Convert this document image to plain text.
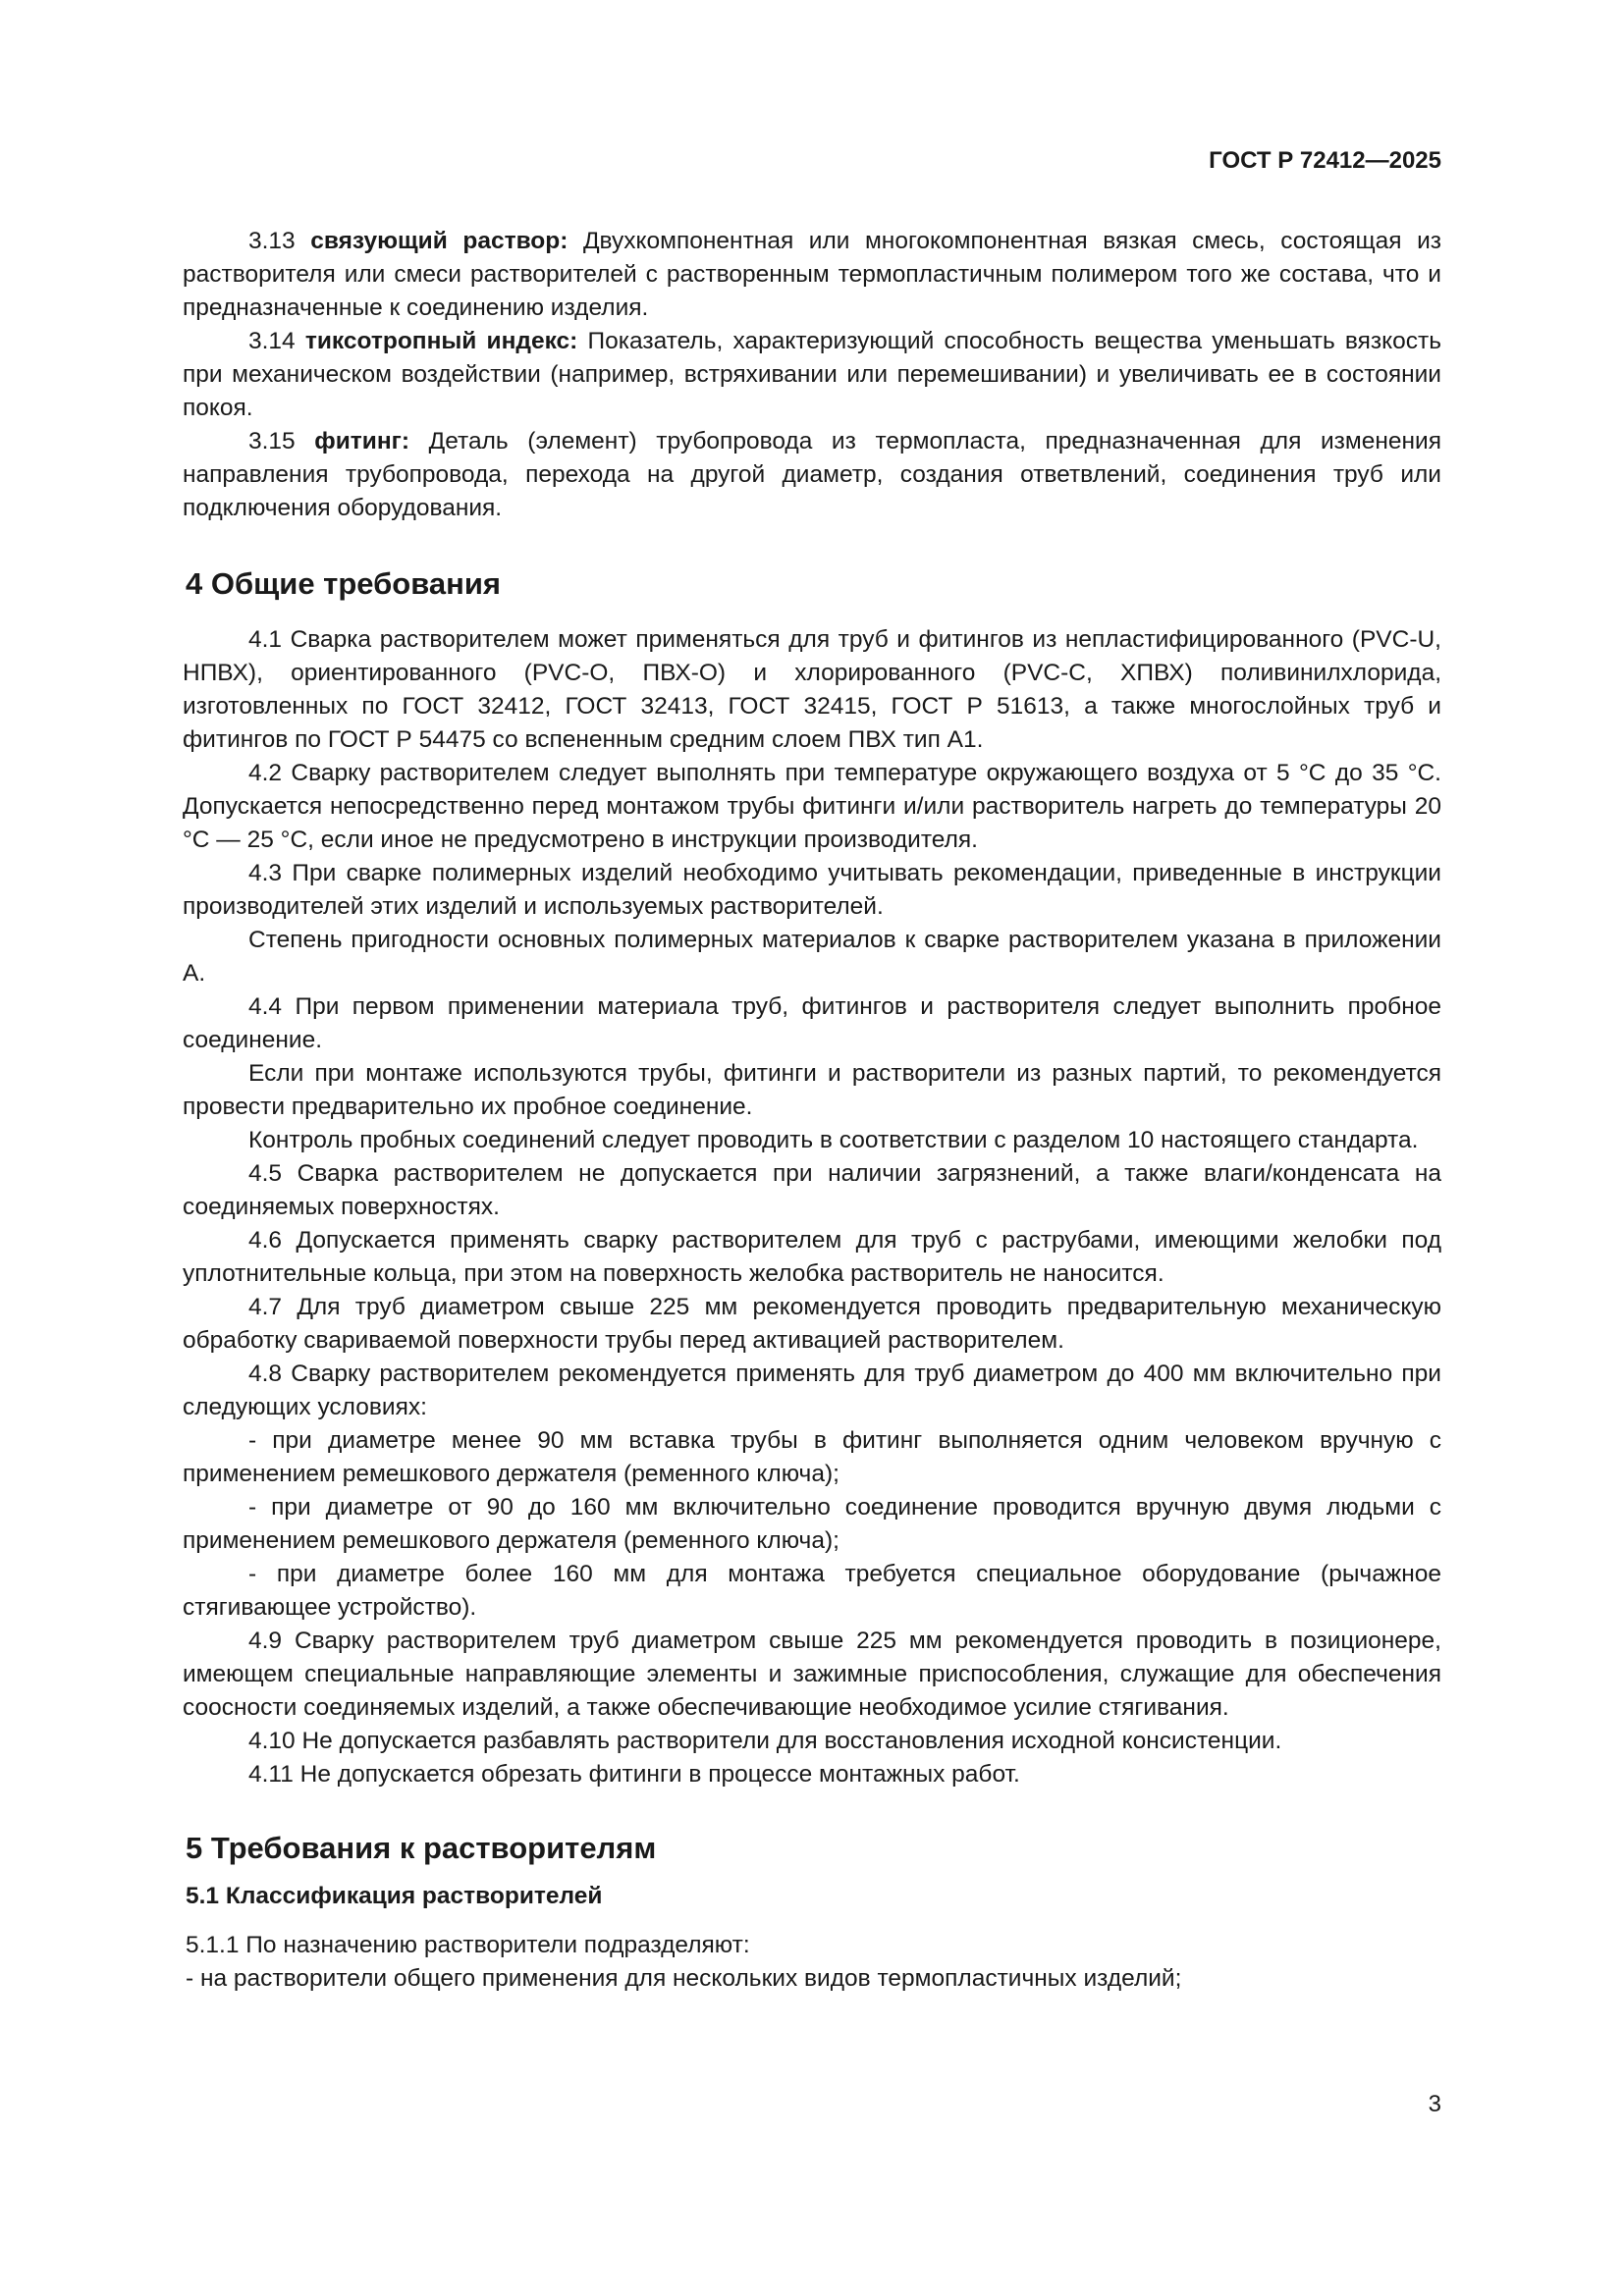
ГОСТ Р 72412—2025

3.13 связующий раствор: Двухкомпонентная или многокомпонентная вязкая смесь, состоящая из растворителя или смеси растворителей с растворенным термопластичным полимером того же состава, что и предназначенные к соединению изделия.

3.14 тиксотропный индекс: Показатель, характеризующий способность вещества уменьшать вязкость при механическом воздействии (например, встряхивании или перемешивании) и увеличивать ее в состоянии покоя.

3.15 фитинг: Деталь (элемент) трубопровода из термопласта, предназначенная для изменения направления трубопровода, перехода на другой диаметр, создания ответвлений, соединения труб или подключения оборудования.

4 Общие требования

4.1 Сварка растворителем может применяться для труб и фитингов из непластифицированного (PVC-U, НПВХ), ориентированного (PVC-O, ПВХ-О) и хлорированного (PVC-C, ХПВХ) поливинилхлорида, изготовленных по ГОСТ 32412, ГОСТ 32413, ГОСТ 32415, ГОСТ Р 51613, а также многослойных труб и фитингов по ГОСТ Р 54475 со вспененным средним слоем ПВХ тип А1.

4.2 Сварку растворителем следует выполнять при температуре окружающего воздуха от 5 °С до 35 °С. Допускается непосредственно перед монтажом трубы фитинги и/или растворитель нагреть до температуры 20 °С — 25 °С, если иное не предусмотрено в инструкции производителя.

4.3 При сварке полимерных изделий необходимо учитывать рекомендации, приведенные в инструкции производителей этих изделий и используемых растворителей.

Степень пригодности основных полимерных материалов к сварке растворителем указана в приложении А.

4.4 При первом применении материала труб, фитингов и растворителя следует выполнить пробное соединение.

Если при монтаже используются трубы, фитинги и растворители из разных партий, то рекомендуется провести предварительно их пробное соединение.

Контроль пробных соединений следует проводить в соответствии с разделом 10 настоящего стандарта.

4.5 Сварка растворителем не допускается при наличии загрязнений, а также влаги/конденсата на соединяемых поверхностях.

4.6 Допускается применять сварку растворителем для труб с раструбами, имеющими желобки под уплотнительные кольца, при этом на поверхность желобка растворитель не наносится.

4.7 Для труб диаметром свыше 225 мм рекомендуется проводить предварительную механическую обработку свариваемой поверхности трубы перед активацией растворителем.

4.8 Сварку растворителем рекомендуется применять для труб диаметром до 400 мм включительно при следующих условиях:

- при диаметре менее 90 мм вставка трубы в фитинг выполняется одним человеком вручную с применением ремешкового держателя (ременного ключа);

- при диаметре от 90 до 160 мм включительно соединение проводится вручную двумя людьми с применением ремешкового держателя (ременного ключа);

- при диаметре более 160 мм для монтажа требуется специальное оборудование (рычажное стягивающее устройство).

4.9 Сварку растворителем труб диаметром свыше 225 мм рекомендуется проводить в позиционере, имеющем специальные направляющие элементы и зажимные приспособления, служащие для обеспечения соосности соединяемых изделий, а также обеспечивающие необходимое усилие стягивания.

4.10 Не допускается разбавлять растворители для восстановления исходной консистенции.

4.11 Не допускается обрезать фитинги в процессе монтажных работ.

5 Требования к растворителям
5.1 Классификация растворителей

5.1.1 По назначению растворители подразделяют:

- на растворители общего применения для нескольких видов термопластичных изделий;

3
